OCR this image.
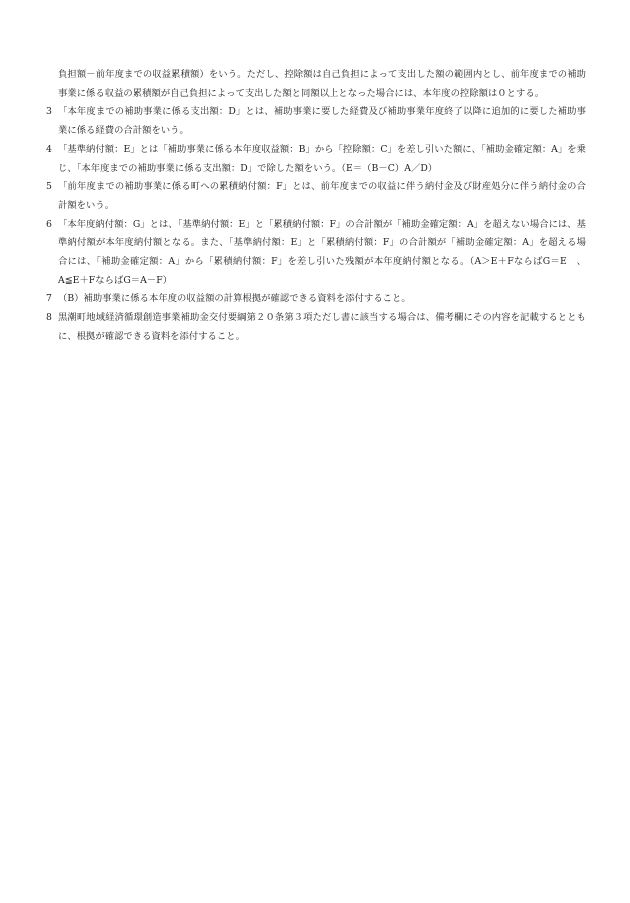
負担額－前年度までの収益累積額）をいう。ただし、控除額は自己負担によって支出した額の範囲内とし、前年度までの補助事業に係る収益の累積額が自己負担によって支出した額と同額以上となった場合には、本年度の控除額は０とする。

3 「本年度までの補助事業に係る支出額：D」とは、補助事業に要した経費及び補助事業年度終了以降に追加的に要した補助事業に係る経費の合計額をいう。

4 「基準納付額：E」とは「補助事業に係る本年度収益額：B」から「控除額：C」を差し引いた額に、「補助金確定額：A」を乗じ、「本年度までの補助事業に係る支出額：D」で除した額をいう。（E＝（B－C）A／D）

5 「前年度までの補助事業に係る町への累積納付額：F」とは、前年度までの収益に伴う納付金及び財産処分に伴う納付金の合計額をいう。

6 「本年度納付額：G」とは、「基準納付額：E」と「累積納付額：F」の合計額が「補助金確定額：A」を超えない場合には、基準納付額が本年度納付額となる。また、「基準納付額：E」と「累積納付額：F」の合計額が「補助金確定額：A」を超える場合には、「補助金確定額：A」から「累積納付額：F」を差し引いた残額が本年度納付額となる。（A＞E＋FならばG＝E　、A≦E＋FならばG＝A－F）

7 （B）補助事業に係る本年度の収益額の計算根拠が確認できる資料を添付すること。

8 黒潮町地域経済循環創造事業補助金交付要綱第２０条第３項ただし書に該当する場合は、備考欄にその内容を記載するとともに、根拠が確認できる資料を添付すること。
